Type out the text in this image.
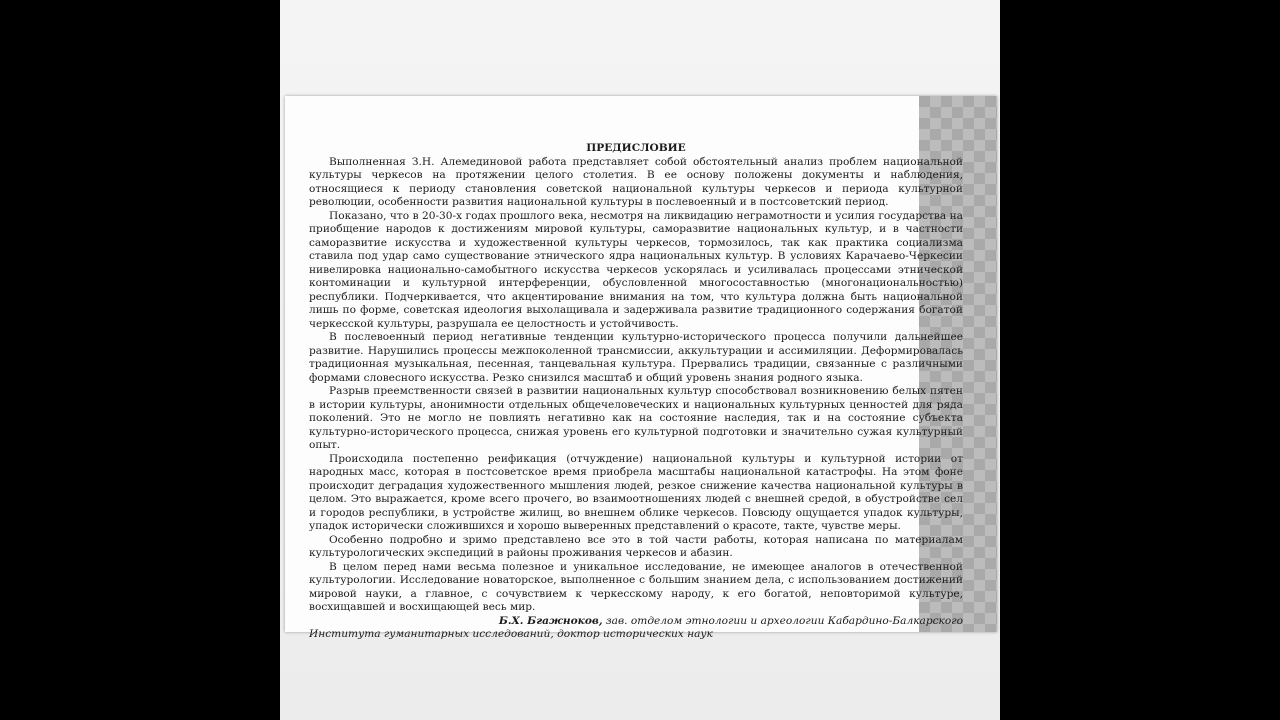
ПРЕДИСЛОВИЕ

Выполненная З.Н. Алемединовой работа представляет собой обстоятельный анализ проблем национальной культуры черкесов на протяжении целого столетия. В ее основу положены документы и наблюдения, относящиеся к периоду становления советской национальной культуры черкесов и периода культурной революции, особенности развития национальной культуры в послевоенный и в постсоветский период.

Показано, что в 20-30-х годах прошлого века, несмотря на ликвидацию неграмотности и усилия государства на приобщение народов к достижениям мировой культуры, саморазвитие национальных культур, и в частности саморазвитие искусства и художественной культуры черкесов, тормозилось, так как практика социализма ставила под удар само существование этнического ядра национальных культур. В условиях Карачаево-Черкесии нивелировка национально-самобытного искусства черкесов ускорялась и усиливалась процессами этнической контоминации и культурной интерференции, обусловленной многосоставностью (многонациональностью) республики. Подчеркивается, что акцентирование внимания на том, что культура должна быть национальной лишь по форме, советская идеология выхолащивала и задерживала развитие традиционного содержания богатой черкесской культуры, разрушала ее целостность и устойчивость.

В послевоенный период негативные тенденции культурно-исторического процесса получили дальнейшее развитие. Нарушились процессы межпоколенной трансмиссии, аккультурации и ассимиляции. Деформировалась традиционная музыкальная, песенная, танцевальная культура. Прервались традиции, связанные с различными формами словесного искусства. Резко снизился масштаб и общий уровень знания родного языка.

Разрыв преемственности связей в развитии национальных культур способствовал возникновению белых пятен в истории культуры, анонимности отдельных общечеловеческих и национальных культурных ценностей для ряда поколений. Это не могло не повлиять негативно как на состояние наследия, так и на состояние субъекта культурно-исторического процесса, снижая уровень его культурной подготовки и значительно сужая культурный опыт.

Происходила постепенно реификация (отчуждение) национальной культуры и культурной истории от народных масс, которая в постсоветское время приобрела масштабы национальной катастрофы. На этом фоне происходит деградация художественного мышления людей, резкое снижение качества национальной культуры в целом. Это выражается, кроме всего прочего, во взаимоотношениях людей с внешней средой, в обустройстве сел и городов республики, в устройстве жилищ, во внешнем облике черкесов. Повсюду ощущается упадок культуры, упадок исторически сложившихся и хорошо выверенных представлений о красоте, такте, чувстве меры.

Особенно подробно и зримо представлено все это в той части работы, которая написана по материалам культурологических экспедиций в районы проживания черкесов и абазин.

В целом перед нами весьма полезное и уникальное исследование, не имеющее аналогов в отечественной культурологии. Исследование новаторское, выполненное с большим знанием дела, с использованием достижений мировой науки, а главное, с сочувствием к черкесскому народу, к его богатой, неповторимой культуре, восхищавшей и восхищающей весь мир.

Б.Х. Бгажноков, зав. отделом этнологии и археологии Кабардино-Балкарского

Института гуманитарных исследований, доктор исторических наук
